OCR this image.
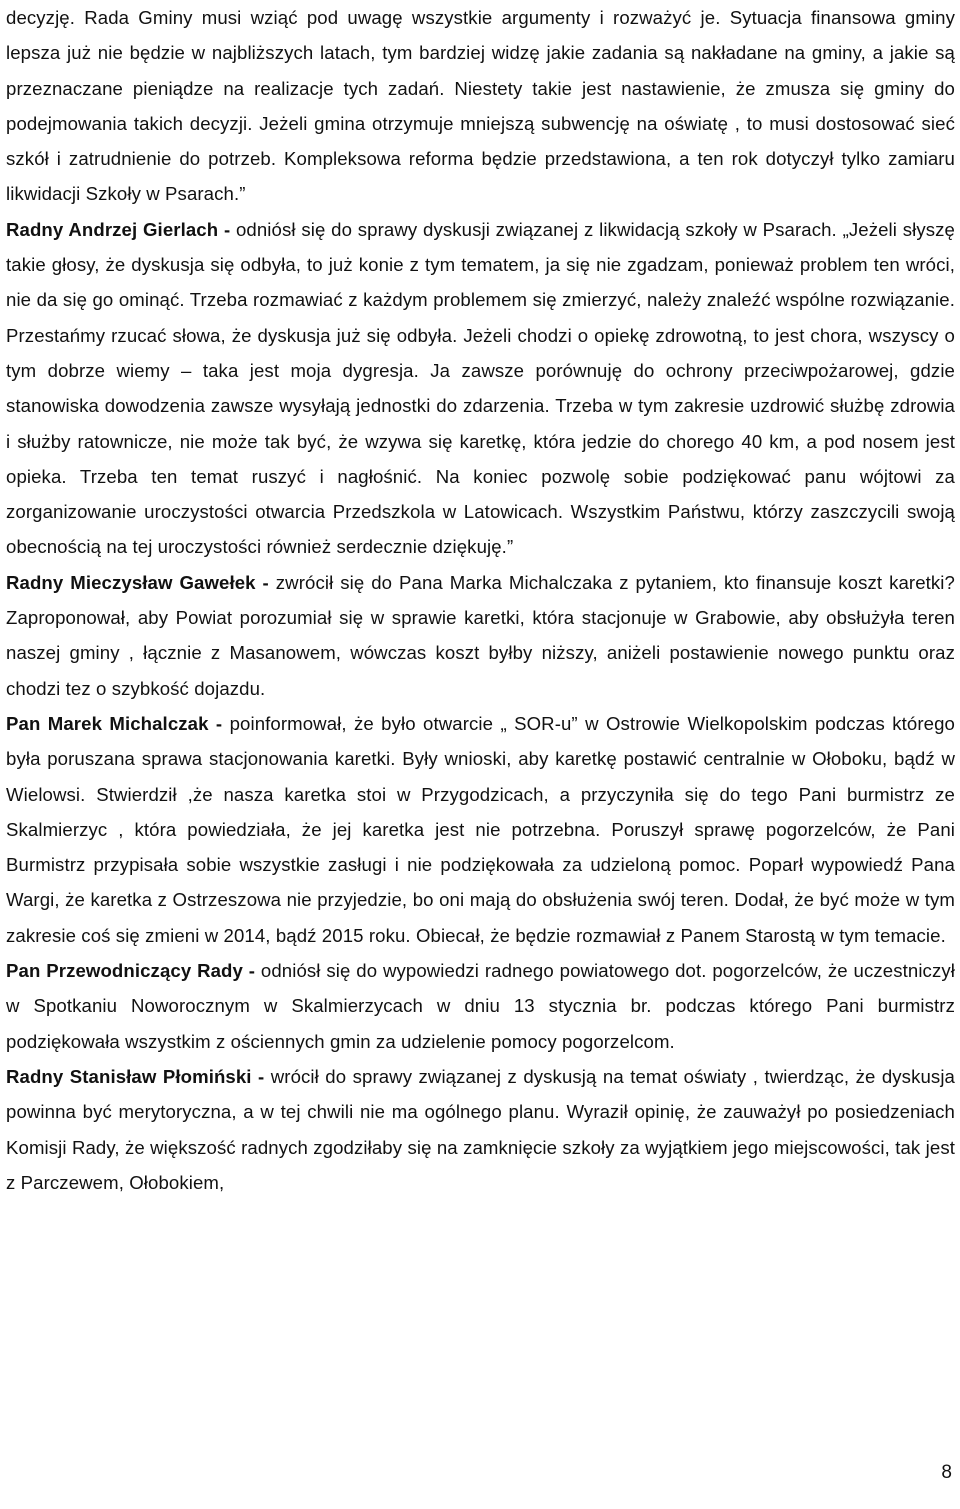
decyzję. Rada Gminy musi wziąć pod uwagę wszystkie argumenty i rozważyć je. Sytuacja finansowa gminy lepsza już nie będzie w najbliższych latach, tym bardziej widzę jakie zadania są nakładane na gminy, a jakie są przeznaczane pieniądze na realizacje tych zadań. Niestety takie jest nastawienie, że zmusza się gminy do podejmowania takich decyzji. Jeżeli gmina otrzymuje mniejszą subwencję na oświatę , to musi dostosować sieć szkół i zatrudnienie do potrzeb. Kompleksowa reforma będzie przedstawiona, a ten rok dotyczył tylko zamiaru likwidacji Szkoły w Psarach.”

Radny Andrzej Gierlach - odniósł się do sprawy dyskusji związanej z likwidacją szkoły w Psarach. „Jeżeli słyszę takie głosy, że dyskusja się odbyła, to już konie z tym tematem, ja się nie zgadzam, ponieważ problem ten wróci, nie da się go ominąć. Trzeba rozmawiać z każdym problemem się zmierzyć, należy znaleźć wspólne rozwiązanie. Przestańmy rzucać słowa, że dyskusja już się odbyła. Jeżeli chodzi o opiekę zdrowotną, to jest chora, wszyscy o tym dobrze wiemy – taka jest moja dygresja. Ja zawsze porównuję do ochrony przeciwpożarowej, gdzie stanowiska dowodzenia zawsze wysyłają jednostki do zdarzenia. Trzeba w tym zakresie uzdrowić służbę zdrowia i służby ratownicze, nie może tak być, że wzywa się karetkę, która jedzie do chorego 40 km, a pod nosem jest opieka. Trzeba ten temat ruszyć i nagłośnić. Na koniec pozwolę sobie podziękować panu wójtowi za zorganizowanie uroczystości otwarcia Przedszkola w Latowicach. Wszystkim Państwu, którzy zaszczycili swoją obecnością na tej uroczystości również serdecznie dziękuję.”

Radny Mieczysław Gawełek - zwrócił się do Pana Marka Michalczaka z pytaniem, kto finansuje koszt karetki? Zaproponował, aby Powiat porozumiał się w sprawie karetki, która stacjonuje w Grabowie, aby obsłużyła teren naszej gminy , łącznie z Masanowem, wówczas koszt byłby niższy, aniżeli postawienie nowego punktu oraz chodzi tez o szybkość dojazdu.

Pan Marek Michalczak - poinformował, że było otwarcie „ SOR-u” w Ostrowie Wielkopolskim podczas którego była poruszana sprawa stacjonowania karetki. Były wnioski, aby karetkę postawić centralnie w Ołoboku, bądź w Wielowsi. Stwierdził ,że nasza karetka stoi w Przygodzicach, a przyczyniła się do tego Pani burmistrz ze Skalmierzyc , która powiedziała, że jej karetka jest nie potrzebna. Poruszył sprawę pogorzelców, że Pani Burmistrz przypisała sobie wszystkie zasługi i nie podziękowała za udzieloną pomoc. Poparł wypowiedź Pana Wargi, że karetka z Ostrzeszowa nie przyjedzie, bo oni mają do obsłużenia swój teren. Dodał, że być może w tym zakresie coś się zmieni w 2014, bądź 2015 roku. Obiecał, że będzie rozmawiał z Panem Starostą w tym temacie.

Pan Przewodniczący Rady - odniósł się do wypowiedzi radnego powiatowego dot. pogorzelców, że uczestniczył w Spotkaniu Noworocznym w Skalmierzycach w dniu 13 stycznia br. podczas którego Pani burmistrz podziękowała wszystkim z ościennych gmin za udzielenie pomocy pogorzelcom.

Radny Stanisław Płomiński - wrócił do sprawy związanej z dyskusją na temat oświaty , twierdząc, że dyskusja powinna być merytoryczna, a w tej chwili nie ma ogólnego planu. Wyraził opinię, że zauważył po posiedzeniach Komisji Rady, że większość radnych zgodziłaby się na zamknięcie szkoły za wyjątkiem jego miejscowości, tak jest z Parczewem, Ołobokiem,

8
